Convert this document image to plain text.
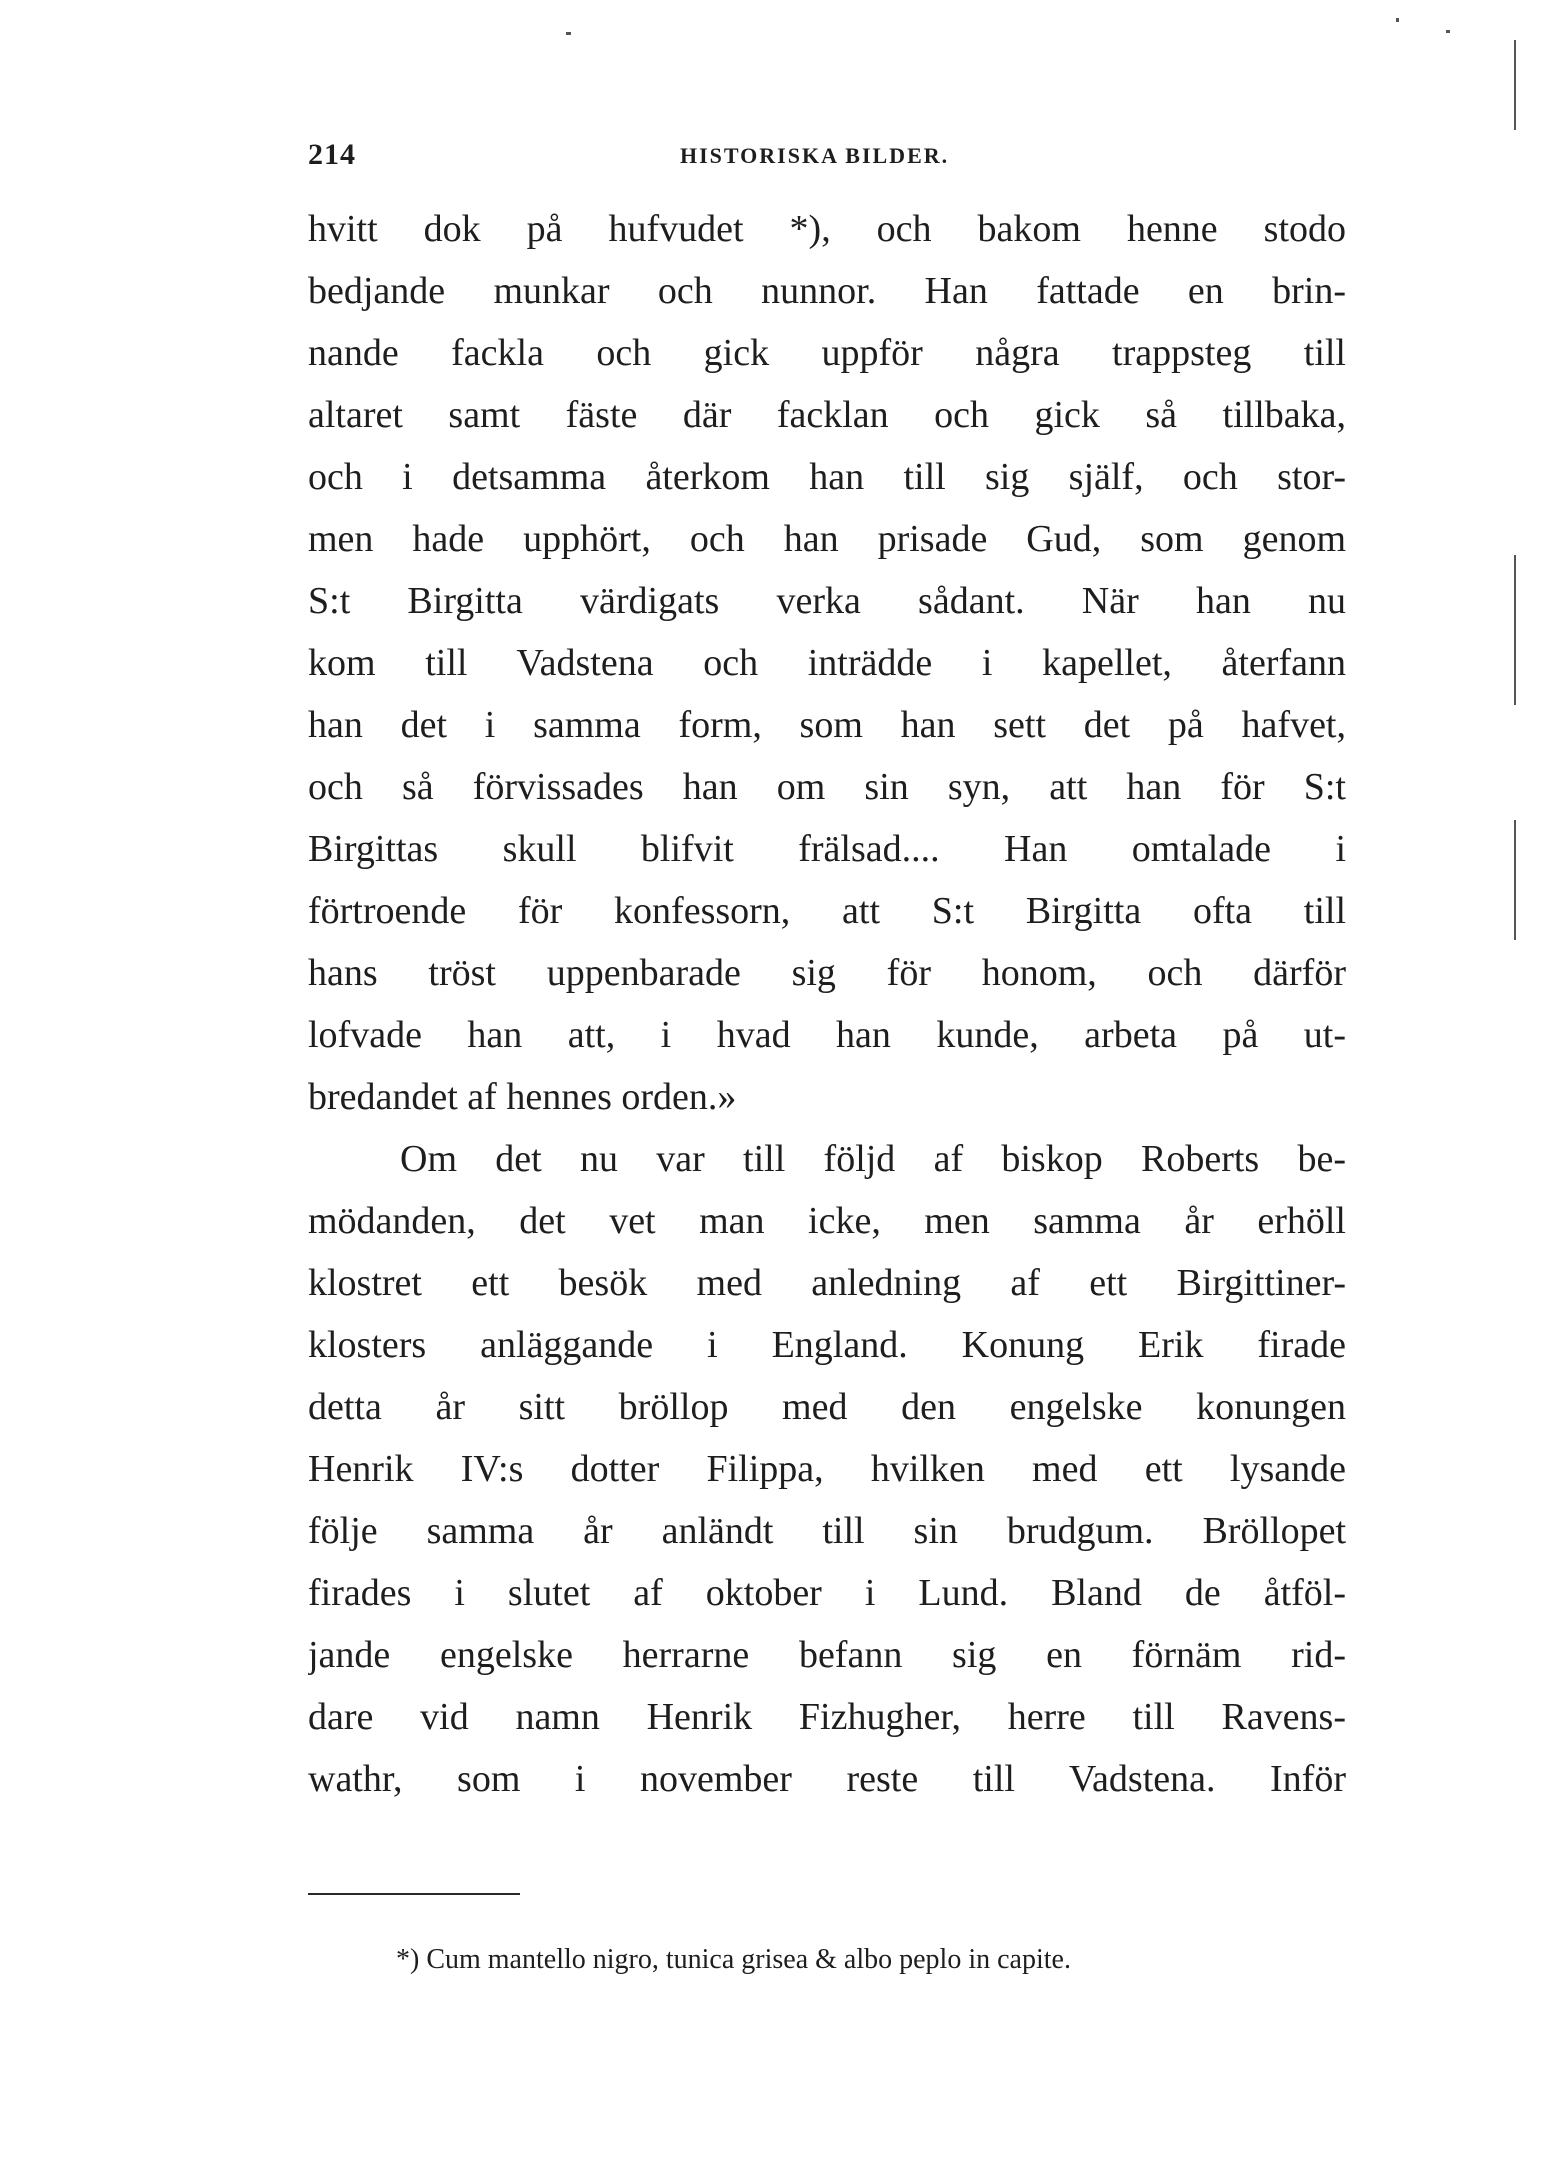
214	HISTORISKA BILDER.
hvitt dok på hufvudet *), och bakom henne stodo
bedjande munkar och nunnor. Han fattade en brin-
nande fackla och gick uppför några trappsteg till
altaret samt fäste där facklan och gick så tillbaka,
och i detsamma återkom han till sig själf, och stor-
men hade upphört, och han prisade Gud, som genom
S:t Birgitta värdigats verka sådant. När han nu
kom till Vadstena och inträdde i kapellet, återfann
han det i samma form, som han sett det på hafvet,
och så förvissades han om sin syn, att han för S:t
Birgittas skull blifvit frälsad.... Han omtalade i
förtroende för konfessorn, att S:t Birgitta ofta till
hans tröst uppenbarade sig för honom, och därför
lofvade han att, i hvad han kunde, arbeta på ut-
bredandet af hennes orden.»
Om det nu var till följd af biskop Roberts be-
mödanden, det vet man icke, men samma år erhöll
klostret ett besök med anledning af ett Birgittiner-
klosters anläggande i England. Konung Erik firade
detta år sitt bröllop med den engelske konungen
Henrik IV:s dotter Filippa, hvilken med ett lysande
följe samma år anländt till sin brudgum. Bröllopet
firades i slutet af oktober i Lund. Bland de åtföl-
jande engelske herrarne befann sig en förnäm rid-
dare vid namn Henrik Fizhugher, herre till Ravens-
wathr, som i november reste till Vadstena. Inför
*) Cum mantello nigro, tunica grisea & albo peplo in capite.
